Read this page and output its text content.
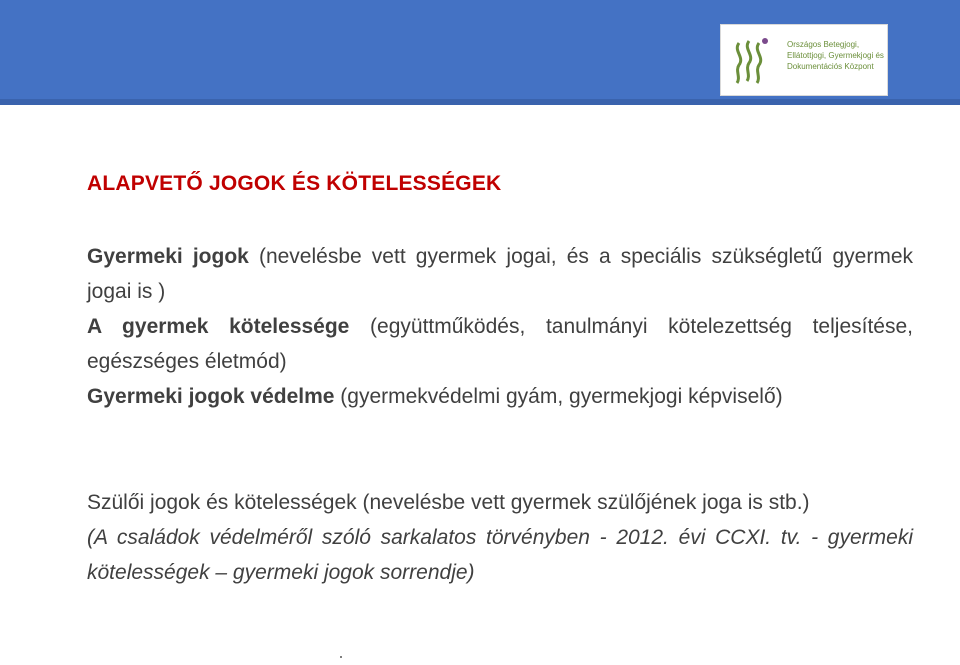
Országos Betegjogi,
Ellátottjogi, Gyermekjogi és
Dokumentációs Központ
ALAPVETŐ JOGOK ÉS KÖTELESSÉGEK
Gyermeki jogok (nevelésbe vett gyermek jogai, és a speciális szükségletű gyermek jogai is )
A gyermek kötelessége (együttműködés, tanulmányi kötelezettség teljesítése, egészséges életmód)
Gyermeki jogok védelme (gyermekvédelmi gyám, gyermekjogi képviselő)
Szülői jogok és kötelességek (nevelésbe vett gyermek szülőjének joga is stb.)
(A családok védelméről szóló sarkalatos törvényben - 2012. évi CCXI. tv. - gyermeki kötelességek – gyermeki jogok sorrendje)
